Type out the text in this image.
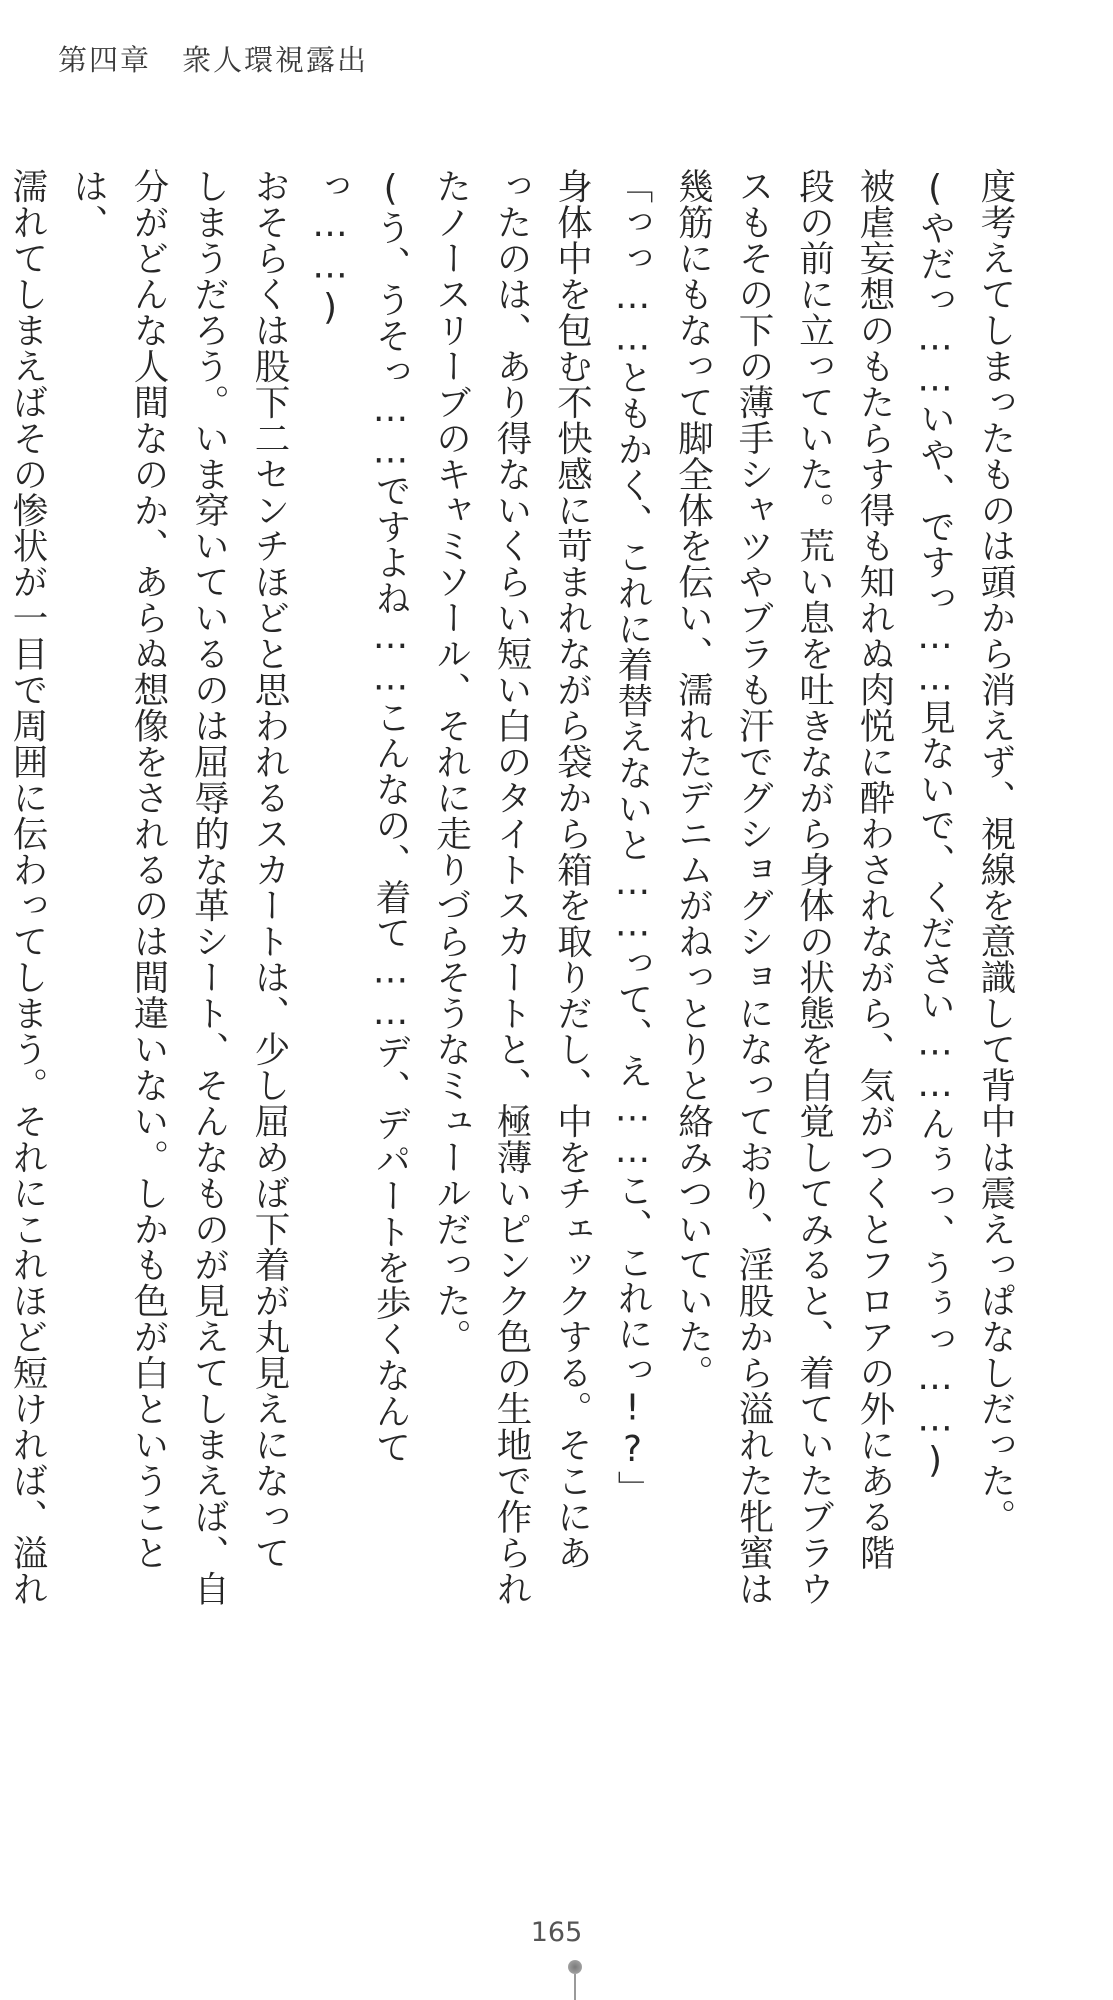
第四章　衆人環視露出

度考えてしまったものは頭から消えず、視線を意識して背中は震えっぱなしだった。

(やだっ……いや、ですっ……見ないで、ください……んぅっ、うぅっ……)

被虐妄想のもたらす得も知れぬ肉悦に酔わされながら、気がつくとフロアの外にある階

段の前に立っていた。荒い息を吐きながら身体の状態を自覚してみると、着ていたブラウ

スもその下の薄手シャツやブラも汗でグショグショになっており、淫股から溢れた牝蜜は

幾筋にもなって脚全体を伝い、濡れたデニムがねっとりと絡みついていた。

「っっ……ともかく、これに着替えないと……って、え……こ、これにっ!?」

身体中を包む不快感に苛まれながら袋から箱を取りだし、中をチェックする。そこにあ

ったのは、あり得ないくらい短い白のタイトスカートと、極薄いピンク色の生地で作られ

たノースリーブのキャミソール、それに走りづらそうなミュールだった。

(う、うそっ……ですよね……こんなの、着て……デ、デパートを歩くなんてっ……)

おそらくは股下二センチほどと思われるスカートは、少し屈めば下着が丸見えになって

しまうだろう。いま穿いているのは屈辱的な革シート、そんなものが見えてしまえば、自

分がどんな人間なのか、あらぬ想像をされるのは間違いない。しかも色が白ということは、

濡れてしまえばその惨状が一目で周囲に伝わってしまう。それにこれほど短ければ、溢れ

165
